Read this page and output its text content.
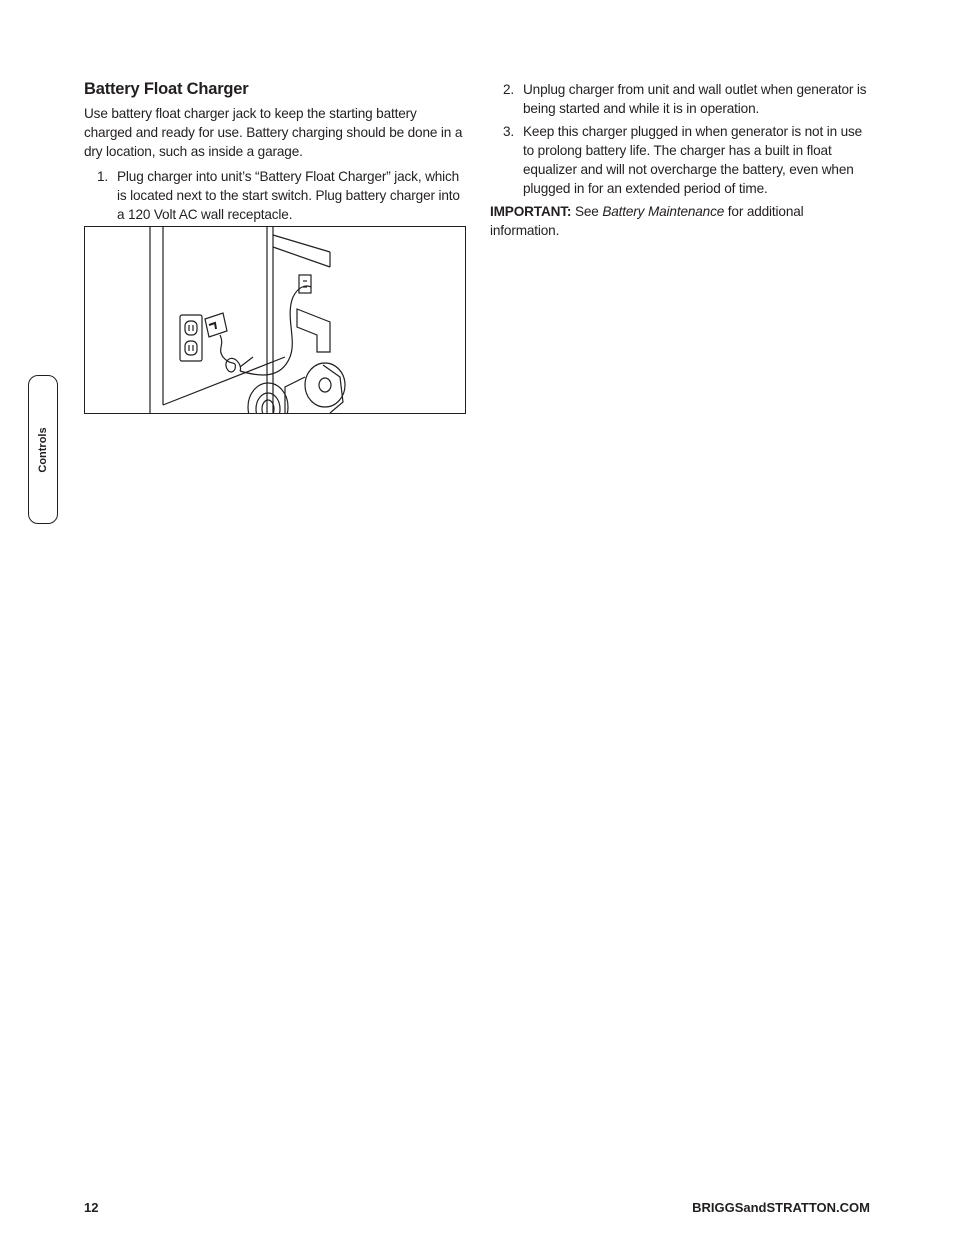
Battery Float Charger

Use battery float charger jack to keep the starting battery charged and ready for use. Battery charging should be done in a dry location, such as inside a garage.

1. Plug charger into unit’s “Battery Float Charger” jack, which is located next to the start switch. Plug battery charger into a 120 Volt AC wall receptacle.
2. Unplug charger from unit and wall outlet when generator is being started and while it is in operation.
3. Keep this charger plugged in when generator is not in use to prolong battery life. The charger has a built in float equalizer and will not overcharge the battery, even when plugged in for an extended period of time.

IMPORTANT: See Battery Maintenance for additional information.

Controls
12	BRIGGSandSTRATTON.COM
